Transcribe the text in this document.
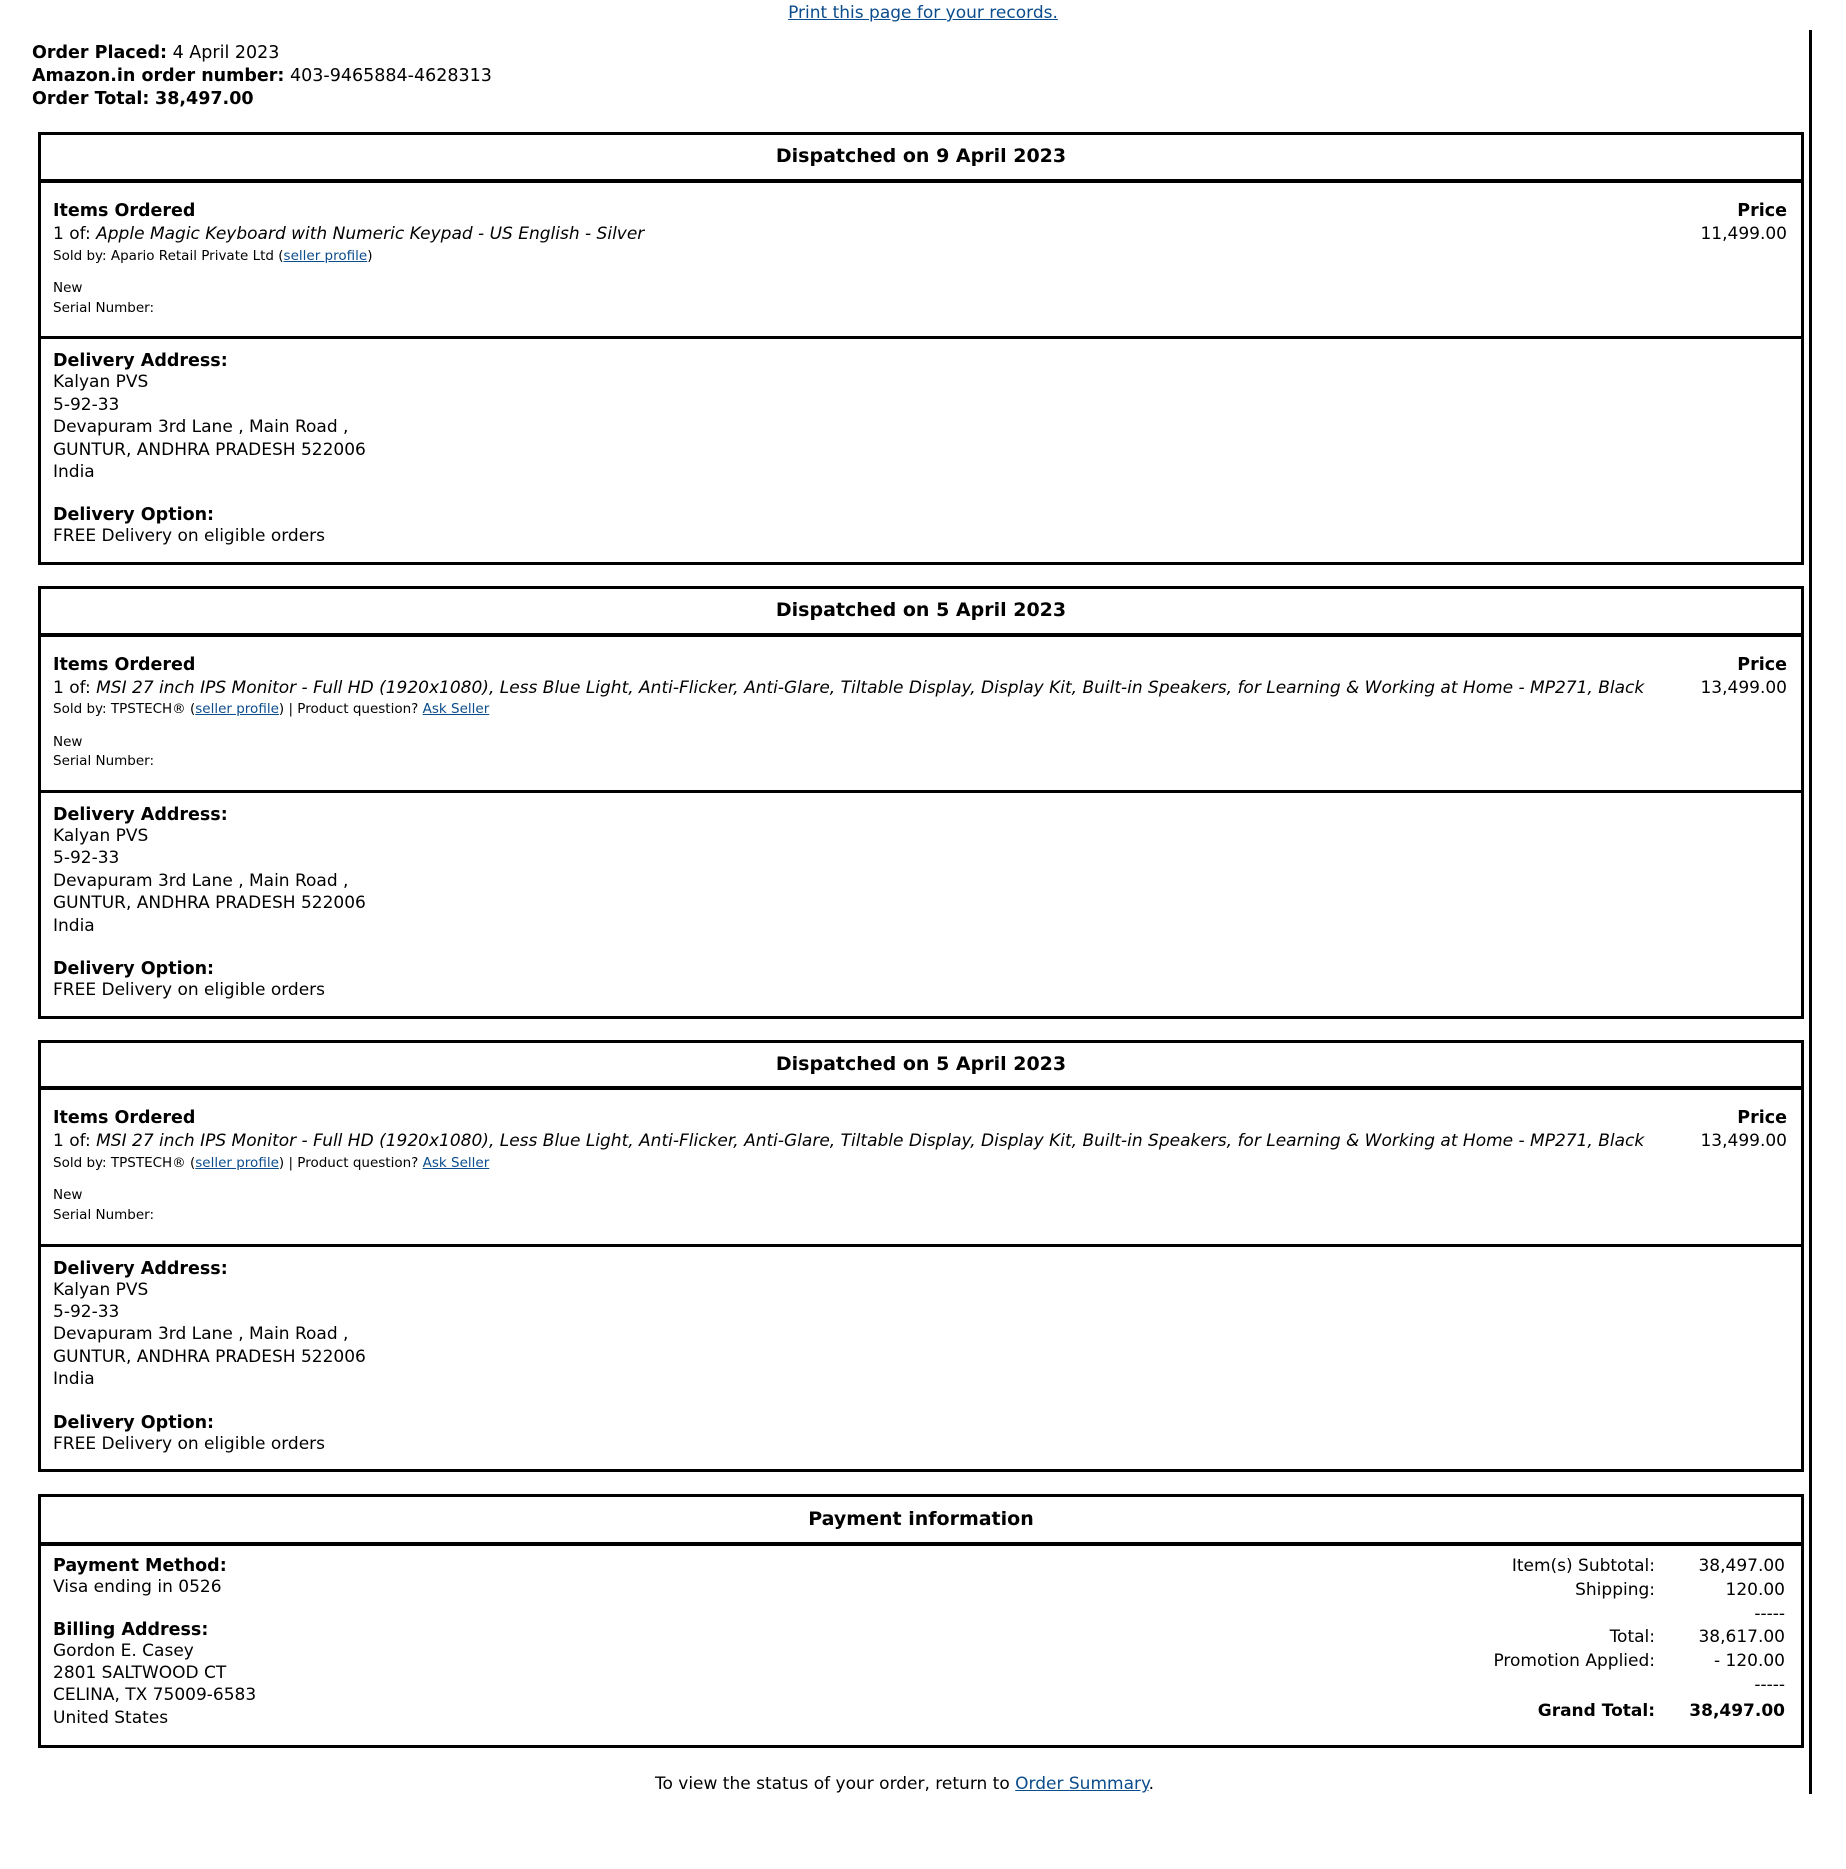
Print this page for your records.
Order Placed: 4 April 2023
Amazon.in order number: 403-9465884-4628313
Order Total: 38,497.00
Dispatched on 9 April 2023
Items Ordered	Price
1 of: Apple Magic Keyboard with Numeric Keypad - US English - Silver	11,499.00
Sold by: Apario Retail Private Ltd (seller profile)
New
Serial Number:
Delivery Address:
Kalyan PVS
5-92-33
Devapuram 3rd Lane , Main Road ,
GUNTUR, ANDHRA PRADESH 522006
India
Delivery Option:
FREE Delivery on eligible orders
Dispatched on 5 April 2023
Items Ordered	Price
1 of: MSI 27 inch IPS Monitor - Full HD (1920x1080), Less Blue Light, Anti-Flicker, Anti-Glare, Tiltable Display, Display Kit, Built-in Speakers, for Learning & Working at Home - MP271, Black	13,499.00
Sold by: TPSTECH® (seller profile) | Product question? Ask Seller
New
Serial Number:
Delivery Address:
Kalyan PVS
5-92-33
Devapuram 3rd Lane , Main Road ,
GUNTUR, ANDHRA PRADESH 522006
India
Delivery Option:
FREE Delivery on eligible orders
Dispatched on 5 April 2023
Items Ordered	Price
1 of: MSI 27 inch IPS Monitor - Full HD (1920x1080), Less Blue Light, Anti-Flicker, Anti-Glare, Tiltable Display, Display Kit, Built-in Speakers, for Learning & Working at Home - MP271, Black	13,499.00
Sold by: TPSTECH® (seller profile) | Product question? Ask Seller
New
Serial Number:
Delivery Address:
Kalyan PVS
5-92-33
Devapuram 3rd Lane , Main Road ,
GUNTUR, ANDHRA PRADESH 522006
India
Delivery Option:
FREE Delivery on eligible orders
Payment information
Payment Method:
Visa ending in 0526
Billing Address:
Gordon E. Casey
2801 SALTWOOD CT
CELINA, TX 75009-6583
United States
Item(s) Subtotal:	38,497.00
Shipping:	120.00
	-----
Total:	38,617.00
Promotion Applied:	- 120.00
	-----
Grand Total:	38,497.00
To view the status of your order, return to Order Summary.
